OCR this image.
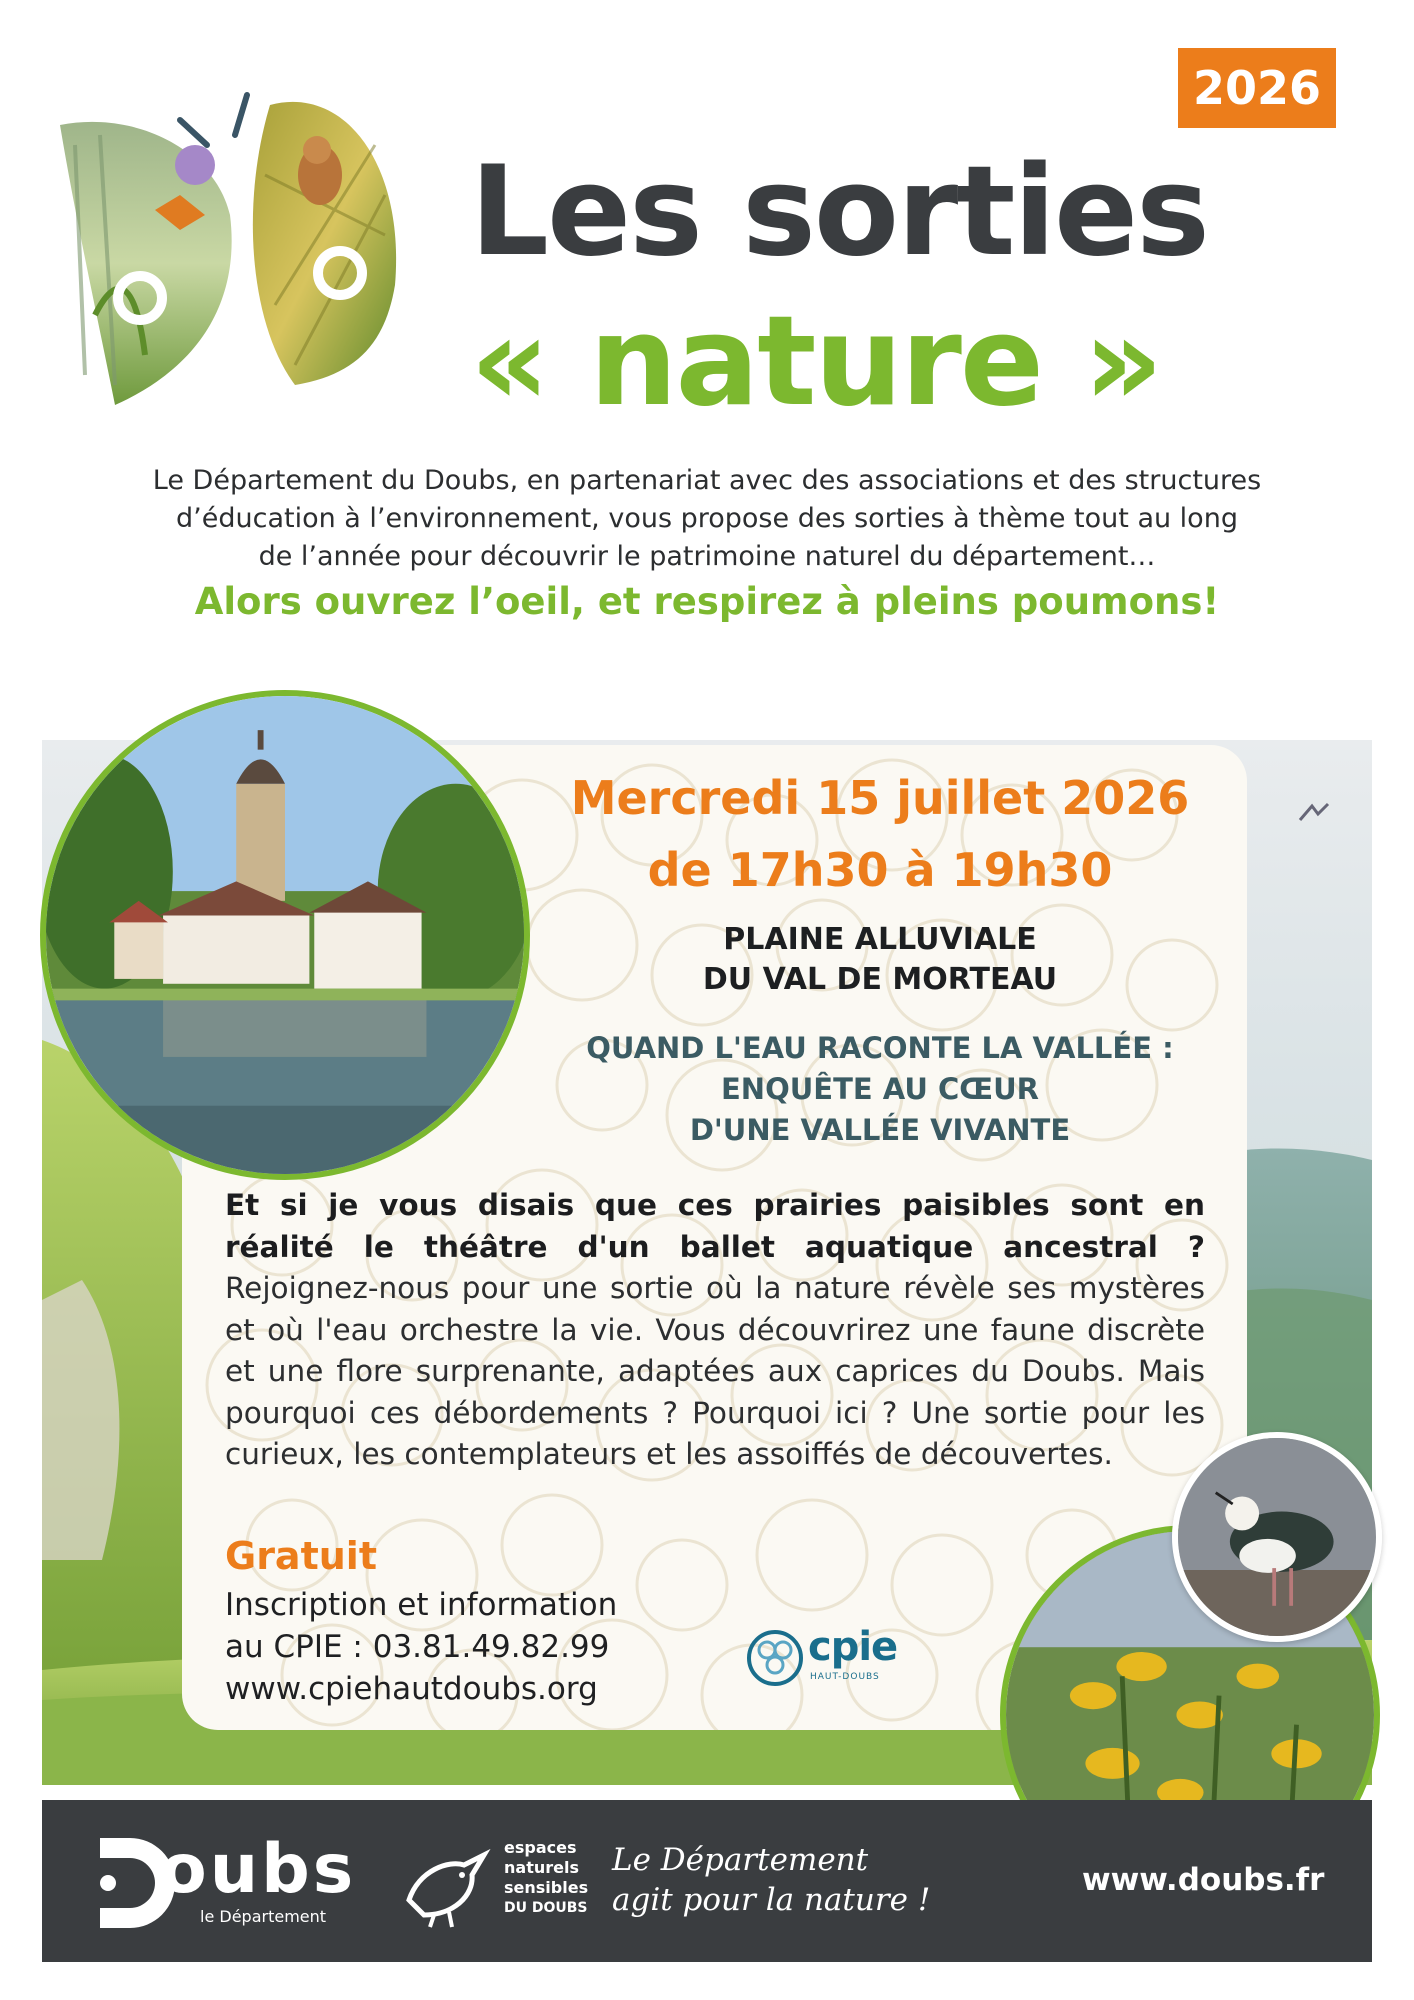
2026
Les sorties
« nature »
Le Département du Doubs, en partenariat avec des associations et des structures
d’éducation à l’environnement, vous propose des sorties à thème tout au long
de l’année pour découvrir le patrimoine naturel du département…
Alors ouvrez l’oeil, et respirez à pleins poumons!
Mercredi 15 juillet 2026
de 17h30 à 19h30
PLAINE ALLUVIALE
DU VAL DE MORTEAU
QUAND L'EAU RACONTE LA VALLÉE :
ENQUÊTE AU CŒUR
D'UNE VALLÉE VIVANTE
Et si je vous disais que ces prairies paisibles sont en réalité le théâtre d'un ballet aquatique ancestral ? Rejoignez-nous pour une sortie où la nature révèle ses mystères et où l'eau orchestre la vie. Vous découvrirez une faune discrète et une flore surprenante, adaptées aux caprices du Doubs. Mais pourquoi ces débordements ? Pourquoi ici ? Une sortie pour les curieux, les contemplateurs et les assoiffés de découvertes.
Gratuit
Inscription et information
au CPIE : 03.81.49.82.99
www.cpiehautdoubs.org
cpie
HAUT-DOUBS
oubs
le Département
espaces
naturels
sensibles
DU DOUBS
Le Département
agit pour la nature !
www.doubs.fr
